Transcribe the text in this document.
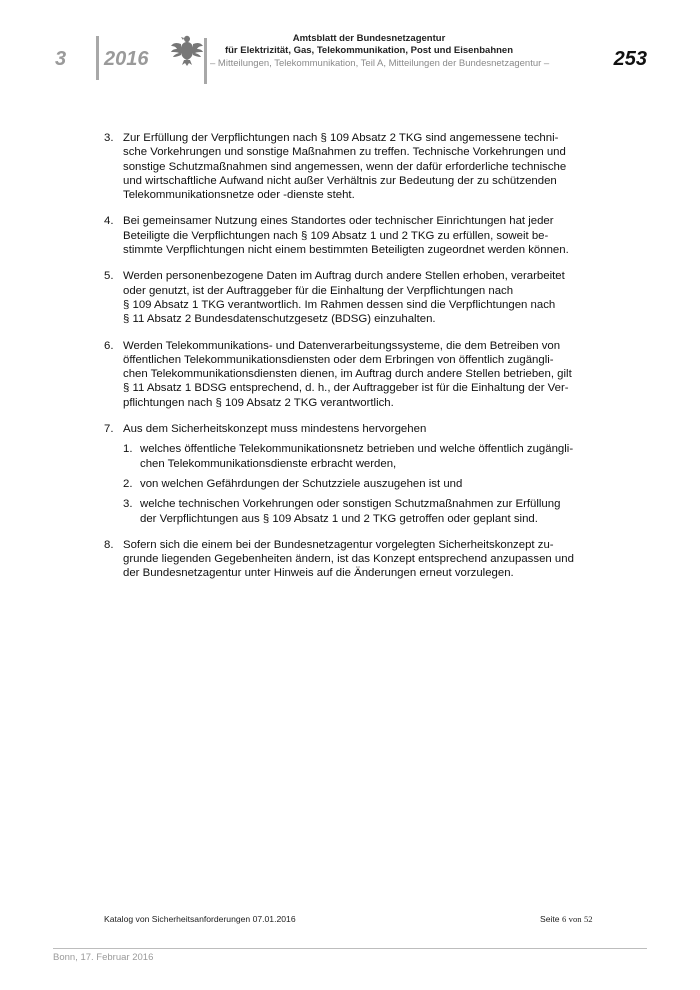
3 2016
Amtsblatt der Bundesnetzagentur
für Elektrizität, Gas, Telekommunikation, Post und Eisenbahnen
– Mitteilungen, Telekommunikation, Teil A, Mitteilungen der Bundesnetzagentur –	253
3. Zur Erfüllung der Verpflichtungen nach § 109 Absatz 2 TKG sind angemessene techni-
sche Vorkehrungen und sonstige Maßnahmen zu treffen. Technische Vorkehrungen und
sonstige Schutzmaßnahmen sind angemessen, wenn der dafür erforderliche technische
und wirtschaftliche Aufwand nicht außer Verhältnis zur Bedeutung der zu schützenden
Telekommunikationsnetze oder -dienste steht.
4. Bei gemeinsamer Nutzung eines Standortes oder technischer Einrichtungen hat jeder
Beteiligte die Verpflichtungen nach § 109 Absatz 1 und 2 TKG zu erfüllen, soweit be-
stimmte Verpflichtungen nicht einem bestimmten Beteiligten zugeordnet werden können.
5. Werden personenbezogene Daten im Auftrag durch andere Stellen erhoben, verarbeitet
oder genutzt, ist der Auftraggeber für die Einhaltung der Verpflichtungen nach
§ 109 Absatz 1 TKG verantwortlich. Im Rahmen dessen sind die Verpflichtungen nach
§ 11 Absatz 2 Bundesdatenschutzgesetz (BDSG) einzuhalten.
6. Werden Telekommunikations- und Datenverarbeitungssysteme, die dem Betreiben von
öffentlichen Telekommunikationsdiensten oder dem Erbringen von öffentlich zugängli-
chen Telekommunikationsdiensten dienen, im Auftrag durch andere Stellen betrieben, gilt
§ 11 Absatz 1 BDSG entsprechend, d. h., der Auftraggeber ist für die Einhaltung der Ver-
pflichtungen nach § 109 Absatz 2 TKG verantwortlich.
7. Aus dem Sicherheitskonzept muss mindestens hervorgehen
1. welches öffentliche Telekommunikationsnetz betrieben und welche öffentlich zugängli-
chen Telekommunikationsdienste erbracht werden,
2. von welchen Gefährdungen der Schutzziele auszugehen ist und
3. welche technischen Vorkehrungen oder sonstigen Schutzmaßnahmen zur Erfüllung
der Verpflichtungen aus § 109 Absatz 1 und 2 TKG getroffen oder geplant sind.
8. Sofern sich die einem bei der Bundesnetzagentur vorgelegten Sicherheitskonzept zu-
grunde liegenden Gegebenheiten ändern, ist das Konzept entsprechend anzupassen und
der Bundesnetzagentur unter Hinweis auf die Änderungen erneut vorzulegen.
Katalog von Sicherheitsanforderungen 07.01.2016	Seite 6 von 52
Bonn, 17. Februar 2016
